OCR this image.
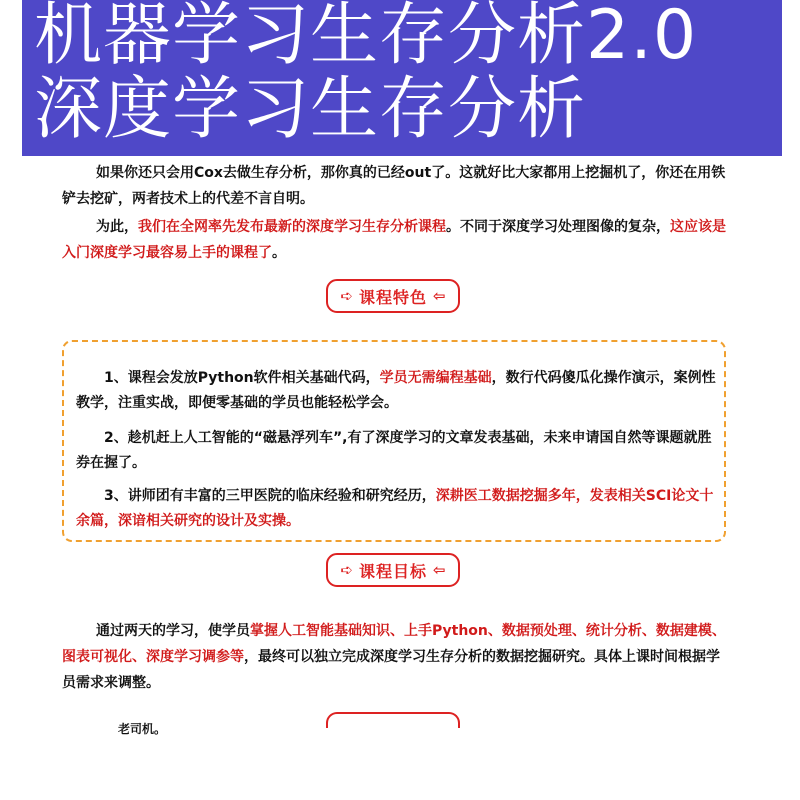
机器学习生存分析2.0
深度学习生存分析

如果你还只会用Cox去做生存分析，那你真的已经out了。这就好比大家都用上挖掘机了，你还在用铁铲去挖矿，两者技术上的代差不言自明。

为此，我们在全网率先发布最新的深度学习生存分析课程。不同于深度学习处理图像的复杂，这应该是入门深度学习最容易上手的课程了。

➪ 课程特色 ⇦

1、课程会发放Python软件相关基础代码，学员无需编程基础，数行代码傻瓜化操作演示，案例性教学，注重实战，即便零基础的学员也能轻松学会。

2、趁机赶上人工智能的“磁悬浮列车”,有了深度学习的文章发表基础，未来申请国自然等课题就胜券在握了。

3、讲师团有丰富的三甲医院的临床经验和研究经历，深耕医工数据挖掘多年，发表相关SCI论文十余篇，深谙相关研究的设计及实操。

➪ 课程目标 ⇦

通过两天的学习，使学员掌握人工智能基础知识、上手Python、数据预处理、统计分析、数据建模、图表可视化、深度学习调参等，最终可以独立完成深度学习生存分析的数据挖掘研究。具体上课时间根据学员需求来调整。

老司机。
